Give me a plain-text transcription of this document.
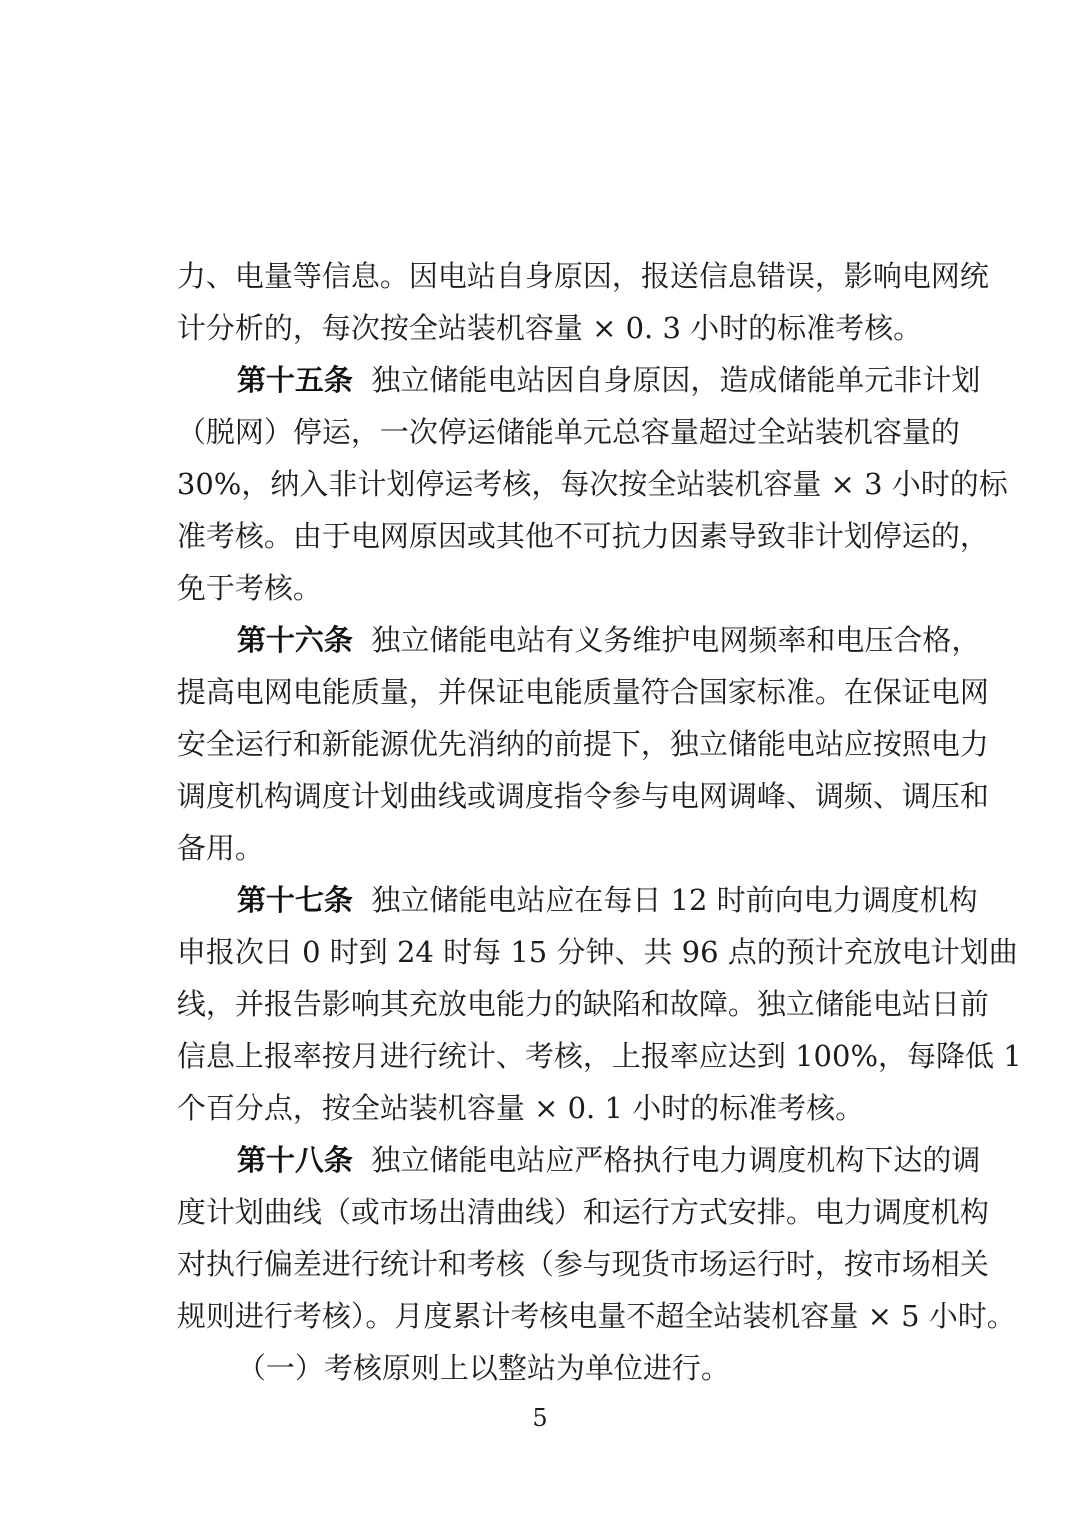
力、电量等信息。因电站自身原因，报送信息错误，影响电网统

计分析的，每次按全站装机容量 × 0. 3 小时的标准考核。

第十五条  独立储能电站因自身原因，造成储能单元非计划

（脱网）停运，一次停运储能单元总容量超过全站装机容量的

30%，纳入非计划停运考核，每次按全站装机容量 × 3 小时的标

准考核。由于电网原因或其他不可抗力因素导致非计划停运的，

免于考核。

第十六条  独立储能电站有义务维护电网频率和电压合格，

提高电网电能质量，并保证电能质量符合国家标准。在保证电网

安全运行和新能源优先消纳的前提下，独立储能电站应按照电力

调度机构调度计划曲线或调度指令参与电网调峰、调频、调压和

备用。

第十七条  独立储能电站应在每日 12 时前向电力调度机构

申报次日 0 时到 24 时每 15 分钟、共 96 点的预计充放电计划曲

线，并报告影响其充放电能力的缺陷和故障。独立储能电站日前

信息上报率按月进行统计、考核，上报率应达到 100%，每降低 1

个百分点，按全站装机容量 × 0. 1 小时的标准考核。

第十八条  独立储能电站应严格执行电力调度机构下达的调

度计划曲线（或市场出清曲线）和运行方式安排。电力调度机构

对执行偏差进行统计和考核（参与现货市场运行时，按市场相关

规则进行考核）。月度累计考核电量不超全站装机容量 × 5 小时。

（一）考核原则上以整站为单位进行。

5
